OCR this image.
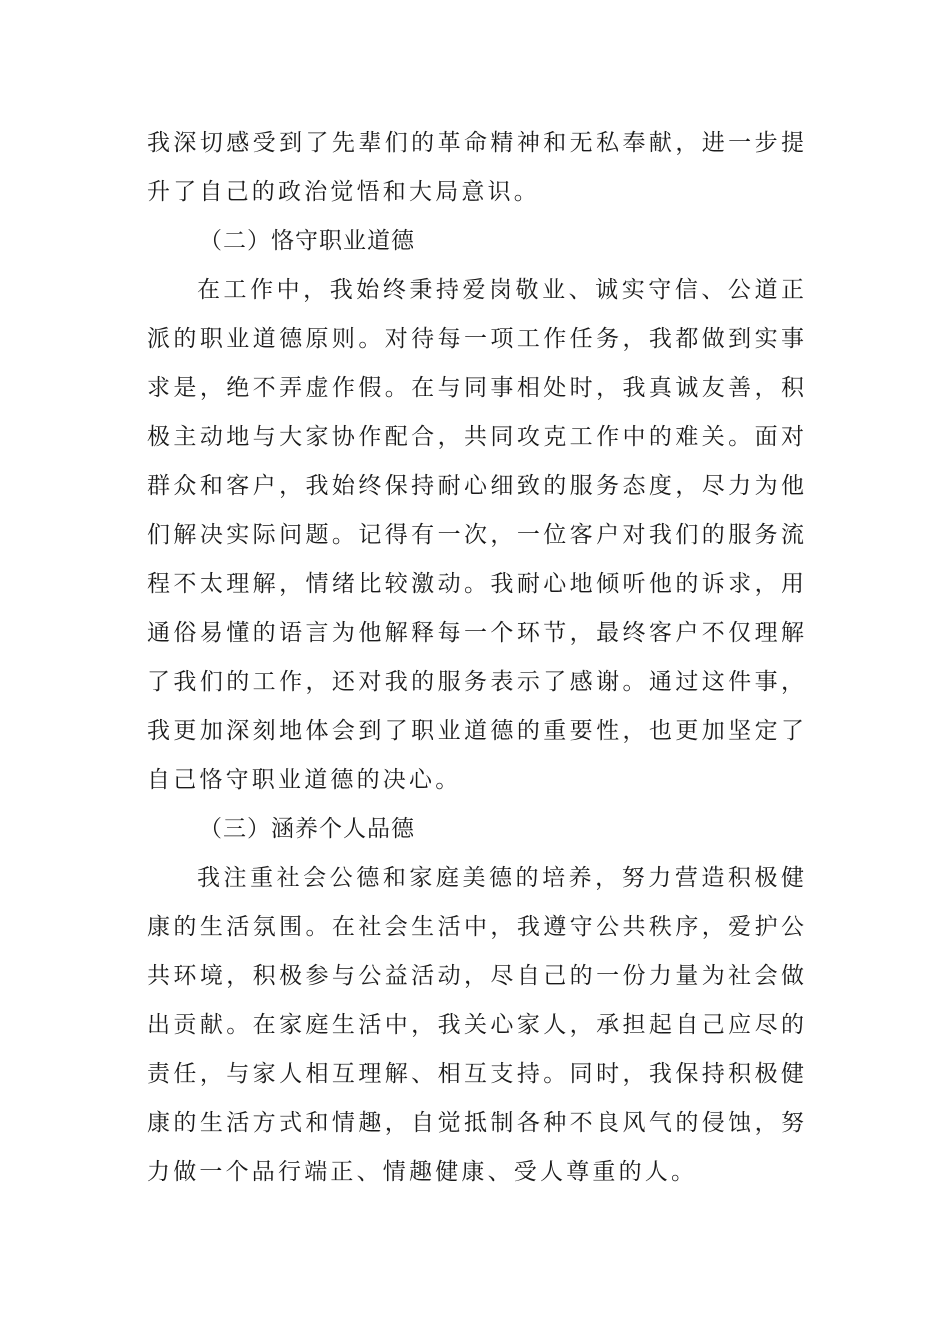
我深切感受到了先辈们的革命精神和无私奉献，进一步提
升了自己的政治觉悟和大局意识。
（二）恪守职业道德
在工作中，我始终秉持爱岗敬业、诚实守信、公道正
派的职业道德原则。对待每一项工作任务，我都做到实事
求是，绝不弄虚作假。在与同事相处时，我真诚友善，积
极主动地与大家协作配合，共同攻克工作中的难关。面对
群众和客户，我始终保持耐心细致的服务态度，尽力为他
们解决实际问题。记得有一次，一位客户对我们的服务流
程不太理解，情绪比较激动。我耐心地倾听他的诉求，用
通俗易懂的语言为他解释每一个环节，最终客户不仅理解
了我们的工作，还对我的服务表示了感谢。通过这件事，
我更加深刻地体会到了职业道德的重要性，也更加坚定了
自己恪守职业道德的决心。
（三）涵养个人品德
我注重社会公德和家庭美德的培养，努力营造积极健
康的生活氛围。在社会生活中，我遵守公共秩序，爱护公
共环境，积极参与公益活动，尽自己的一份力量为社会做
出贡献。在家庭生活中，我关心家人，承担起自己应尽的
责任，与家人相互理解、相互支持。同时，我保持积极健
康的生活方式和情趣，自觉抵制各种不良风气的侵蚀，努
力做一个品行端正、情趣健康、受人尊重的人。
